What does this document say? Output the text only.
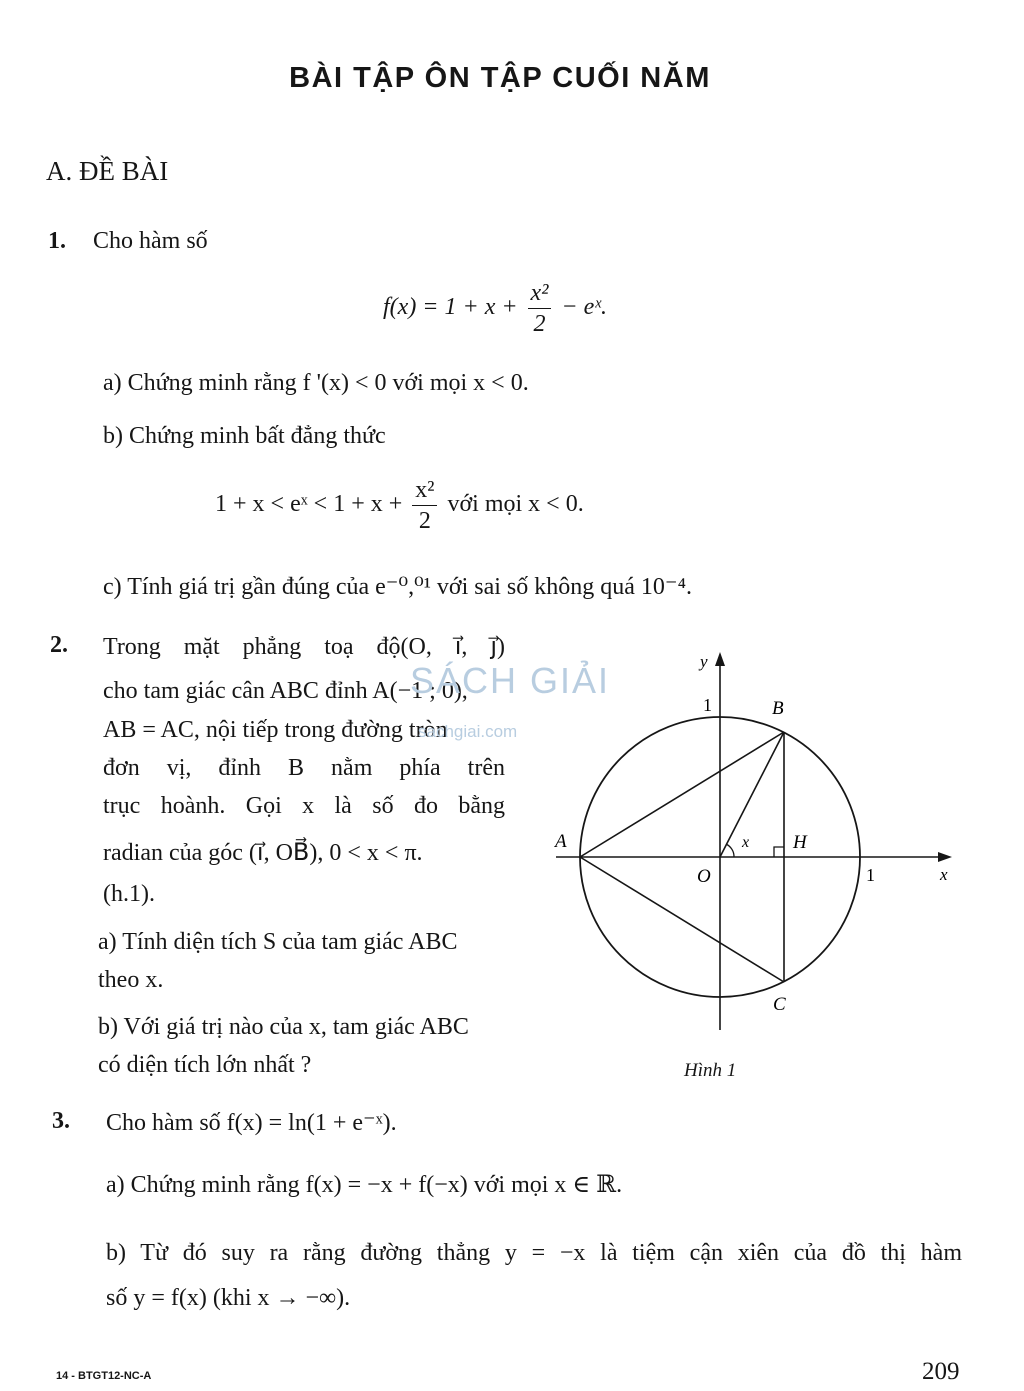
BÀI TẬP ÔN TẬP CUỐI NĂM
A. ĐỀ BÀI
1. Cho hàm số
$f(x) = 1 + x + \frac{\text{x²}}{2}$ − eˣ.
a) Chứng minh rằng f '(x) < 0 với mọi x < 0.
b) Chứng minh bất đẳng thức
1 + x < eˣ < $1 + x + \frac{\text{x²}}{2}$ với mọi x < 0.
c) Tính giá trị gần đúng của e⁻⁰,⁰¹ với sai số không quá 10⁻⁴.
2. Trong mặt phẳng toạ độ(O, i⃗, j⃗)
cho tam giác cân ABC đỉnh A(−1 ; 0),
AB = AC, nội tiếp trong đường tròn
đơn vị, đỉnh B nằm phía trên
trục hoành. Gọi x là số đo bằng
radian của góc (i⃗, OB⃗), 0 < x < π.
(h.1).
a) Tính diện tích S của tam giác ABC
theo x.
b) Với giá trị nào của x, tam giác ABC
có diện tích lớn nhất ?
SÁCH GIẢI
sachgiai.com
y
x
1
1
A
B
C
O
H
x
Hình 1
3. Cho hàm số f(x) = ln(1 + e⁻ˣ).
a) Chứng minh rằng f(x) = −x + f(−x) với mọi x ∈ ℝ.
b) Từ đó suy ra rằng đường thẳng y = −x là tiệm cận xiên của đồ thị hàm
số y = f(x) (khi x → −∞).
14 - BTGT12-NC-A	209
